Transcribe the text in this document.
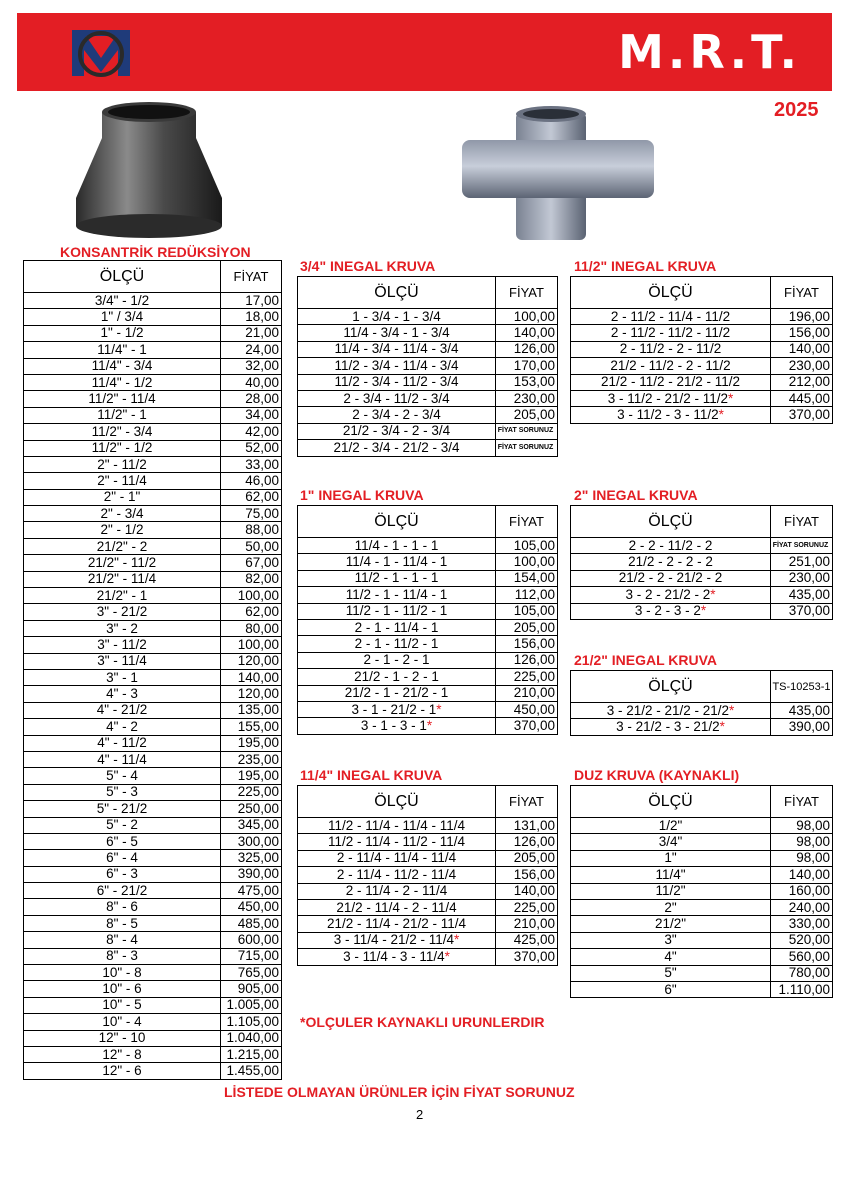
M.R.T.
2025
KONSANTRİK REDÜKSİYON
3/4" INEGAL KRUVA	11/2" INEGAL KRUVA
1" INEGAL KRUVA	2" INEGAL KRUVA
21/2" INEGAL KRUVA
11/4" INEGAL KRUVA	DUZ KRUVA (KAYNAKLI)
ÖLÇÜ	FİYAT
3/4" - 1/2	17,00
1" / 3/4	18,00
1" - 1/2	21,00
11/4" - 1	24,00
11/4" - 3/4	32,00
11/4" - 1/2	40,00
11/2" - 11/4	28,00
11/2" - 1	34,00
11/2" - 3/4	42,00
11/2" - 1/2	52,00
2" - 11/2	33,00
2" - 11/4	46,00
2" - 1"	62,00
2" - 3/4	75,00
2" - 1/2	88,00
21/2" - 2	50,00
21/2" - 11/2	67,00
21/2" - 11/4	82,00
21/2" - 1	100,00
3" - 21/2	62,00
3" - 2	80,00
3" - 11/2	100,00
3" - 11/4	120,00
3" - 1	140,00
4" - 3	120,00
4" - 21/2	135,00
4" - 2	155,00
4" - 11/2	195,00
4" - 11/4	235,00
5" - 4	195,00
5" - 3	225,00
5" - 21/2	250,00
5" - 2	345,00
6" - 5	300,00
6" - 4	325,00
6" - 3	390,00
6" - 21/2	475,00
8" - 6	450,00
8" - 5	485,00
8" - 4	600,00
8" - 3	715,00
10" - 8	765,00
10" - 6	905,00
10" - 5	1.005,00
10" - 4	1.105,00
12" - 10	1.040,00
12" - 8	1.215,00
12" - 6	1.455,00
ÖLÇÜ	FİYAT
1 - 3/4 - 1 - 3/4	100,00
11/4 - 3/4 - 1 - 3/4	140,00
11/4 - 3/4 - 11/4 - 3/4	126,00
11/2 - 3/4 - 11/4 - 3/4	170,00
11/2 - 3/4 - 11/2 - 3/4	153,00
2 - 3/4 - 11/2 - 3/4	230,00
2 - 3/4 - 2 - 3/4	205,00
21/2 - 3/4 - 2 - 3/4	FİYAT SORUNUZ
21/2 - 3/4 - 21/2 - 3/4	FİYAT SORUNUZ
ÖLÇÜ	FİYAT
2 - 11/2 - 11/4 - 11/2	196,00
2 - 11/2 - 11/2 - 11/2	156,00
2 - 11/2 - 2 - 11/2	140,00
21/2 - 11/2 - 2 - 11/2	230,00
21/2 - 11/2 - 21/2 - 11/2	212,00
3 - 11/2 - 21/2 - 11/2*	445,00
3 - 11/2 - 3 - 11/2*	370,00
ÖLÇÜ	FİYAT
11/4 - 1 - 1 - 1	105,00
11/4 - 1 - 11/4 - 1	100,00
11/2 - 1 - 1 - 1	154,00
11/2 - 1 - 11/4 - 1	112,00
11/2 - 1 - 11/2 - 1	105,00
2 - 1 - 11/4 - 1	205,00
2 - 1 - 11/2 - 1	156,00
2 - 1 - 2 - 1	126,00
21/2 - 1 - 2 - 1	225,00
21/2 - 1 - 21/2 - 1	210,00
3 - 1 - 21/2 - 1*	450,00
3 - 1 - 3 - 1*	370,00
ÖLÇÜ	FİYAT
2 - 2 - 11/2 - 2	FİYAT SORUNUZ
21/2 - 2 - 2 - 2	251,00
21/2 - 2 - 21/2 - 2	230,00
3 - 2 - 21/2 - 2*	435,00
3 - 2 - 3 - 2*	370,00
ÖLÇÜ	TS-10253-1
3 - 21/2 - 21/2 - 21/2*	435,00
3 - 21/2 - 3 - 21/2*	390,00
ÖLÇÜ	FİYAT
11/2 - 11/4 - 11/4 - 11/4	131,00
11/2 - 11/4 - 11/2 - 11/4	126,00
2 - 11/4 - 11/4 - 11/4	205,00
2 - 11/4 - 11/2 - 11/4	156,00
2 - 11/4 - 2 - 11/4	140,00
21/2 - 11/4 - 2 - 11/4	225,00
21/2 - 11/4 - 21/2 - 11/4	210,00
3 - 11/4 - 21/2 - 11/4*	425,00
3 - 11/4 - 3 - 11/4*	370,00
ÖLÇÜ	FİYAT
1/2"	98,00
3/4"	98,00
1"	98,00
11/4"	140,00
11/2"	160,00
2"	240,00
21/2"	330,00
3"	520,00
4"	560,00
5"	780,00
6"	1.110,00
*OLÇULER KAYNAKLI URUNLERDIR
LİSTEDE OLMAYAN ÜRÜNLER İÇİN FİYAT SORUNUZ
2
